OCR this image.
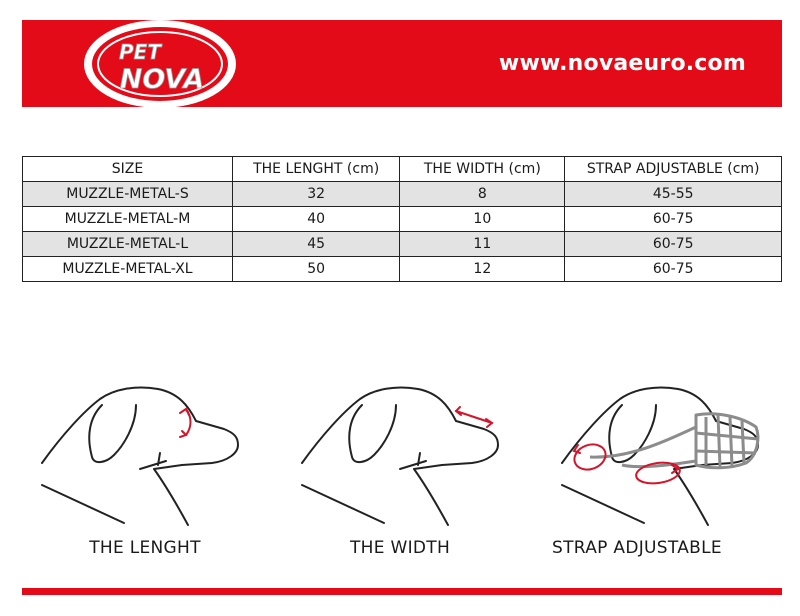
PET
NOVA
www.novaeuro.com
SIZE	THE LENGHT (cm)	THE WIDTH (cm)	STRAP ADJUSTABLE (cm)
MUZZLE-METAL-S	32	8	45-55
MUZZLE-METAL-M	40	10	60-75
MUZZLE-METAL-L	45	11	60-75
MUZZLE-METAL-XL	50	12	60-75
THE LENGHT	THE WIDTH	STRAP ADJUSTABLE
